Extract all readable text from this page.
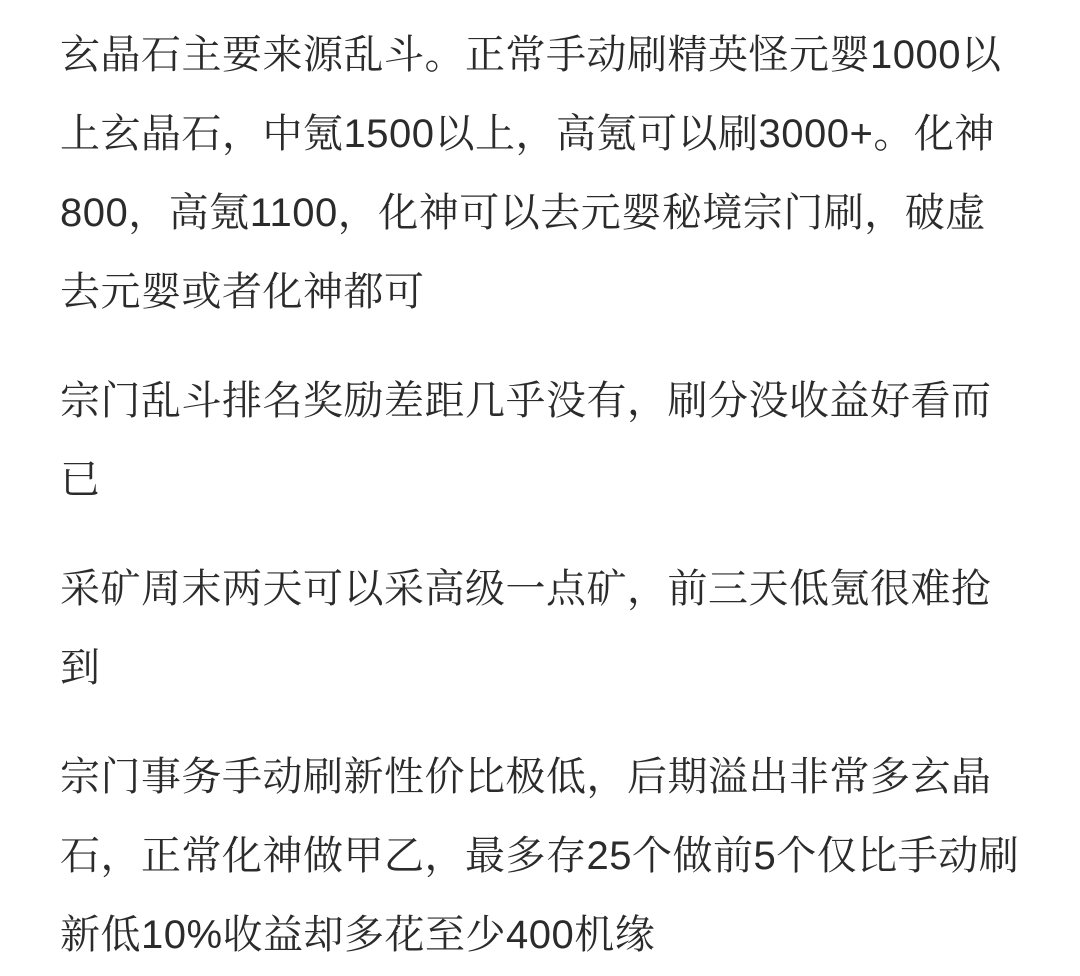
玄晶石主要来源乱斗。正常手动刷精英怪元婴1000以上玄晶石，中氪1500以上，高氪可以刷3000+。化神800，高氪1100，化神可以去元婴秘境宗门刷，破虚去元婴或者化神都可

宗门乱斗排名奖励差距几乎没有，刷分没收益好看而已

采矿周末两天可以采高级一点矿，前三天低氪很难抢到

宗门事务手动刷新性价比极低，后期溢出非常多玄晶石，正常化神做甲乙，最多存25个做前5个仅比手动刷新低10%收益却多花至少400机缘
